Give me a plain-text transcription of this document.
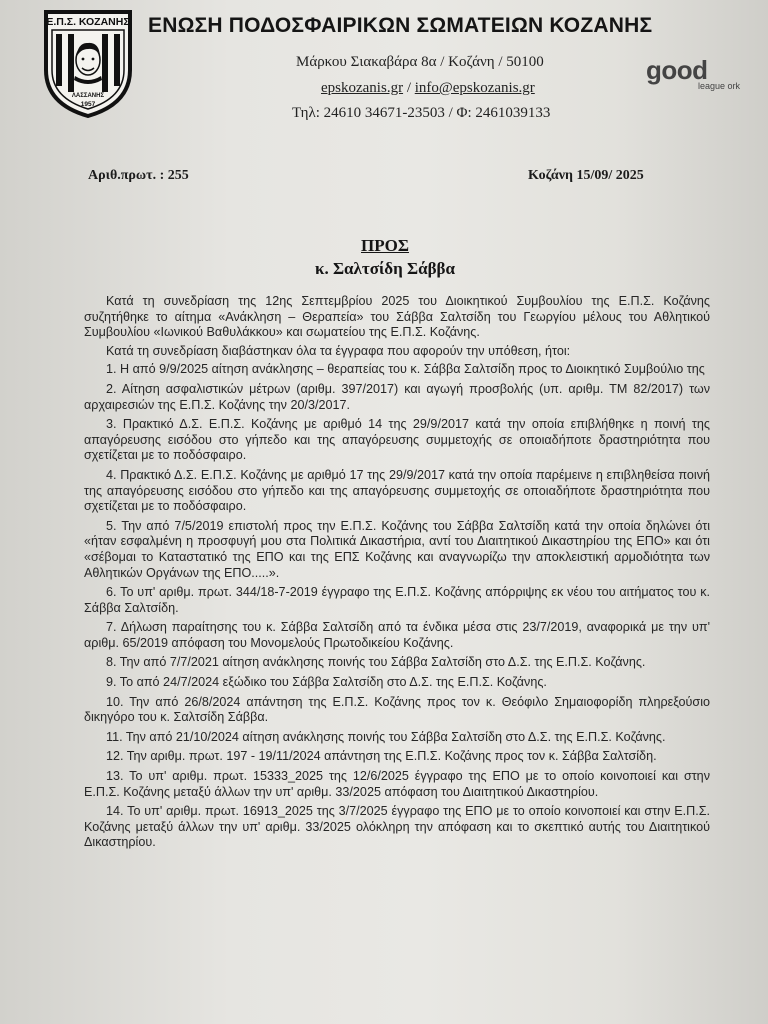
Ε.Π.Σ. ΚΟΖΑΝΗΣ
ΛΑΣΣΑΝΗΣ
1957
ΕΝΩΣΗ ΠΟΔΟΣΦΑΙΡΙΚΩΝ ΣΩΜΑΤΕΙΩΝ ΚΟΖΑΝΗΣ
Μάρκου Σιακαβάρα 8α / Κοζάνη / 50100
epskozanis.gr / info@epskozanis.gr
Τηλ: 24610 34671-23503 / Φ: 2461039133
good
league ork
Αριθ.πρωτ. : 255	Κοζάνη 15/09/ 2025
ΠΡΟΣ
κ. Σαλτσίδη Σάββα

Κατά τη συνεδρίαση της 12ης Σεπτεμβρίου 2025 του Διοικητικού Συμβουλίου της Ε.Π.Σ. Κοζάνης συζητήθηκε το αίτημα «Ανάκληση – Θεραπεία» του Σάββα Σαλτσίδη του Γεωργίου μέλους του Αθλητικού Συμβουλίου «Ιωνικού Βαθυλάκκου» και σωματείου της Ε.Π.Σ. Κοζάνης.

Κατά τη συνεδρίαση διαβάστηκαν όλα τα έγγραφα που αφορούν την υπόθεση, ήτοι:

1. Η από 9/9/2025 αίτηση ανάκλησης – θεραπείας του κ. Σάββα Σαλτσίδη προς το Διοικητικό Συμβούλιο της

2. Αίτηση ασφαλιστικών μέτρων (αριθμ. 397/2017) και αγωγή προσβολής (υπ. αριθμ. ΤΜ 82/2017) των αρχαιρεσιών της Ε.Π.Σ. Κοζάνης την 20/3/2017.

3. Πρακτικό Δ.Σ. Ε.Π.Σ. Κοζάνης με αριθμό 14 της 29/9/2017 κατά την οποία επιβλήθηκε η ποινή της απαγόρευσης εισόδου στο γήπεδο και της απαγόρευσης συμμετοχής σε οποιαδήποτε δραστηριότητα που σχετίζεται με το ποδόσφαιρο.

4. Πρακτικό Δ.Σ. Ε.Π.Σ. Κοζάνης με αριθμό 17 της 29/9/2017 κατά την οποία παρέμεινε η επιβληθείσα ποινή της απαγόρευσης εισόδου στο γήπεδο και της απαγόρευσης συμμετοχής σε οποιαδήποτε δραστηριότητα που σχετίζεται με το ποδόσφαιρο.

5. Την από 7/5/2019 επιστολή προς την Ε.Π.Σ. Κοζάνης του Σάββα Σαλτσίδη κατά την οποία δηλώνει ότι «ήταν εσφαλμένη η προσφυγή μου στα Πολιτικά Δικαστήρια, αντί του Διαιτητικού Δικαστηρίου της ΕΠΟ» και ότι «σέβομαι το Καταστατικό της ΕΠΟ και της ΕΠΣ Κοζάνης και αναγνωρίζω την αποκλειστική αρμοδιότητα των Αθλητικών Οργάνων της ΕΠΟ.....».

6. Το υπ' αριθμ. πρωτ. 344/18-7-2019 έγγραφο της Ε.Π.Σ. Κοζάνης απόρριψης εκ νέου του αιτήματος του κ. Σάββα Σαλτσίδη.

7. Δήλωση παραίτησης του κ. Σάββα Σαλτσίδη από τα ένδικα μέσα στις 23/7/2019, αναφορικά με την υπ' αριθμ. 65/2019 απόφαση του Μονομελούς Πρωτοδικείου Κοζάνης.

8. Την από 7/7/2021 αίτηση ανάκλησης ποινής του Σάββα Σαλτσίδη στο Δ.Σ. της Ε.Π.Σ. Κοζάνης.

9. Το από 24/7/2024 εξώδικο του Σάββα Σαλτσίδη στο Δ.Σ. της Ε.Π.Σ. Κοζάνης.

10. Την από 26/8/2024 απάντηση της Ε.Π.Σ. Κοζάνης προς τον κ. Θεόφιλο Σημαιοφορίδη πληρεξούσιο δικηγόρο του κ. Σαλτσίδη Σάββα.

11. Την από 21/10/2024 αίτηση ανάκλησης ποινής του Σάββα Σαλτσίδη στο Δ.Σ. της Ε.Π.Σ. Κοζάνης.

12. Την αριθμ. πρωτ. 197 - 19/11/2024 απάντηση της Ε.Π.Σ. Κοζάνης προς τον κ. Σάββα Σαλτσίδη.

13. Το υπ' αριθμ. πρωτ. 15333_2025 της 12/6/2025 έγγραφο της ΕΠΟ με το οποίο κοινοποιεί και στην Ε.Π.Σ. Κοζάνης μεταξύ άλλων την υπ' αριθμ. 33/2025 απόφαση του Διαιτητικού Δικαστηρίου.

14. Το υπ' αριθμ. πρωτ. 16913_2025 της 3/7/2025 έγγραφο της ΕΠΟ με το οποίο κοινοποιεί και στην Ε.Π.Σ. Κοζάνης μεταξύ άλλων την υπ' αριθμ. 33/2025 ολόκληρη την απόφαση και το σκεπτικό αυτής του Διαιτητικού Δικαστηρίου.
